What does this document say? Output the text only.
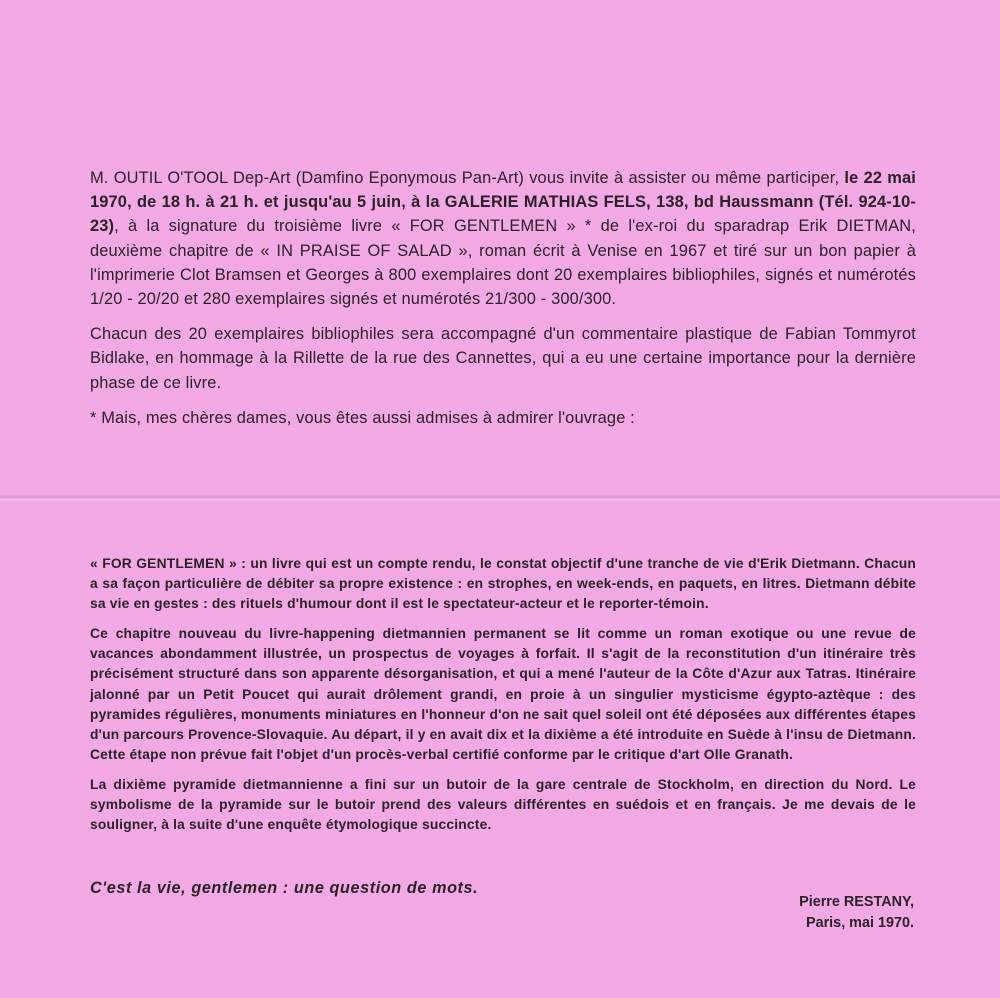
M. OUTIL O'TOOL Dep-Art (Damfino Eponymous Pan-Art) vous invite à assister ou même participer, le 22 mai 1970, de 18 h. à 21 h. et jusqu'au 5 juin, à la GALERIE MATHIAS FELS, 138, bd Haussmann (Tél. 924-10-23), à la signature du troisième livre « FOR GENTLEMEN » * de l'ex-roi du sparadrap Erik DIETMAN, deuxième chapitre de « IN PRAISE OF SALAD », roman écrit à Venise en 1967 et tiré sur un bon papier à l'imprimerie Clot Bramsen et Georges à 800 exemplaires dont 20 exemplaires bibliophiles, signés et numérotés 1/20 - 20/20 et 280 exemplaires signés et numérotés 21/300 - 300/300.

Chacun des 20 exemplaires bibliophiles sera accompagné d'un commentaire plastique de Fabian Tommyrot Bidlake, en hommage à la Rillette de la rue des Cannettes, qui a eu une certaine importance pour la dernière phase de ce livre.

* Mais, mes chères dames, vous êtes aussi admises à admirer l'ouvrage :

« FOR GENTLEMEN » : un livre qui est un compte rendu, le constat objectif d'une tranche de vie d'Erik Dietmann. Chacun a sa façon particulière de débiter sa propre existence : en strophes, en week-ends, en paquets, en litres. Dietmann débite sa vie en gestes : des rituels d'humour dont il est le spectateur-acteur et le reporter-témoin.

Ce chapitre nouveau du livre-happening dietmannien permanent se lit comme un roman exotique ou une revue de vacances abondamment illustrée, un prospectus de voyages à forfait. Il s'agit de la reconstitution d'un itinéraire très précisément structuré dans son apparente désorganisation, et qui a mené l'auteur de la Côte d'Azur aux Tatras. Itinéraire jalonné par un Petit Poucet qui aurait drôlement grandi, en proie à un singulier mysticisme égypto-aztèque : des pyramides régulières, monuments miniatures en l'honneur d'on ne sait quel soleil ont été déposées aux différentes étapes d'un parcours Provence-Slovaquie. Au départ, il y en avait dix et la dixième a été introduite en Suède à l'insu de Dietmann. Cette étape non prévue fait l'objet d'un procès-verbal certifié conforme par le critique d'art Olle Granath.

La dixième pyramide dietmannienne a fini sur un butoir de la gare centrale de Stockholm, en direction du Nord. Le symbolisme de la pyramide sur le butoir prend des valeurs différentes en suédois et en français. Je me devais de le souligner, à la suite d'une enquête étymologique succincte.

C'est la vie, gentlemen : une question de mots.
Pierre RESTANY,
Paris, mai 1970.
